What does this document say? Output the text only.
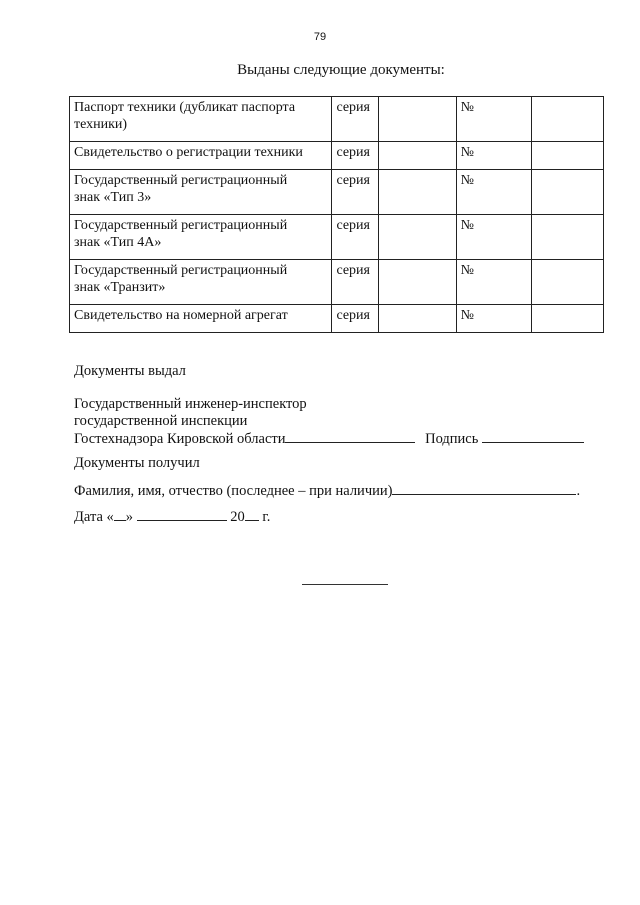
79
Выданы следующие документы:
Паспорт техники (дубликат паспорта
техники)	серия		№	
Свидетельство о регистрации техники	серия		№	
Государственный регистрационный
знак «Тип 3»	серия		№	
Государственный регистрационный
знак «Тип 4А»	серия		№	
Государственный регистрационный
знак «Транзит»	серия		№	
Свидетельство на номерной агрегат	серия		№	
Документы выдал
Государственный инженер-инспектор
государственной инспекции
Гостехнадзора Кировской области	Подпись
Документы получил
Фамилия, имя, отчество (последнее – при наличии)	.
Дата « »	20 г.
